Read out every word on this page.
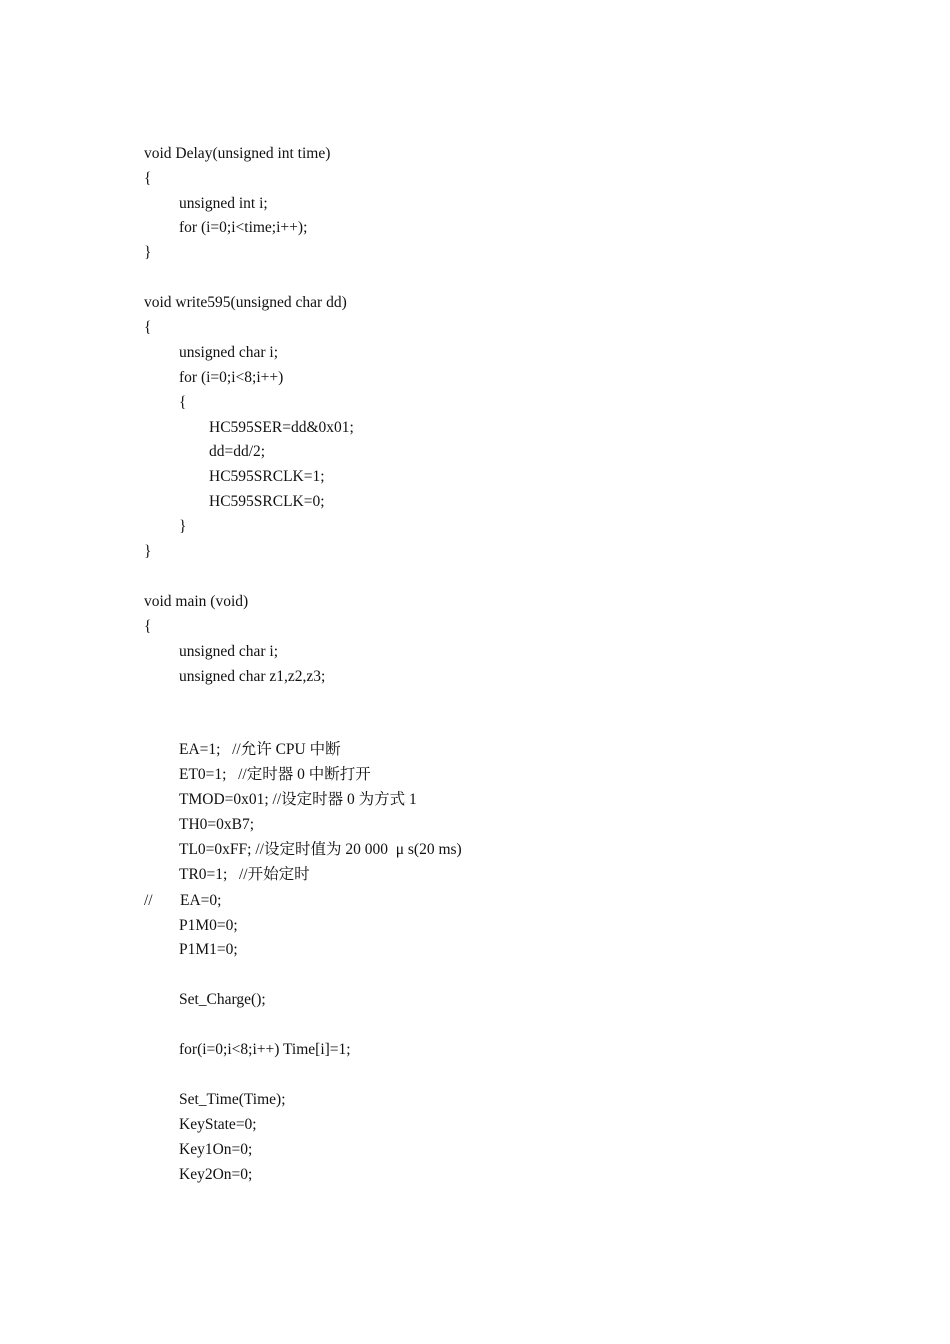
void Delay(unsigned int time)
{
unsigned int i;
for (i=0;i<time;i++);
}
void write595(unsigned char dd)
{
unsigned char i;
for (i=0;i<8;i++)
{
HC595SER=dd&0x01;
dd=dd/2;
HC595SRCLK=1;
HC595SRCLK=0;
}
}
void main (void)
{
unsigned char i;
unsigned char z1,z2,z3;
EA=1;   //允许 CPU 中断
ET0=1;   //定时器 0 中断打开
TMOD=0x01; //设定时器 0 为方式 1
TH0=0xB7;
TL0=0xFF; //设定时值为 20 000  μ s(20 ms)
TR0=1;   //开始定时
// EA=0;
P1M0=0;
P1M1=0;
Set_Charge();
for(i=0;i<8;i++) Time[i]=1;
Set_Time(Time);
KeyState=0;
Key1On=0;
Key2On=0;
